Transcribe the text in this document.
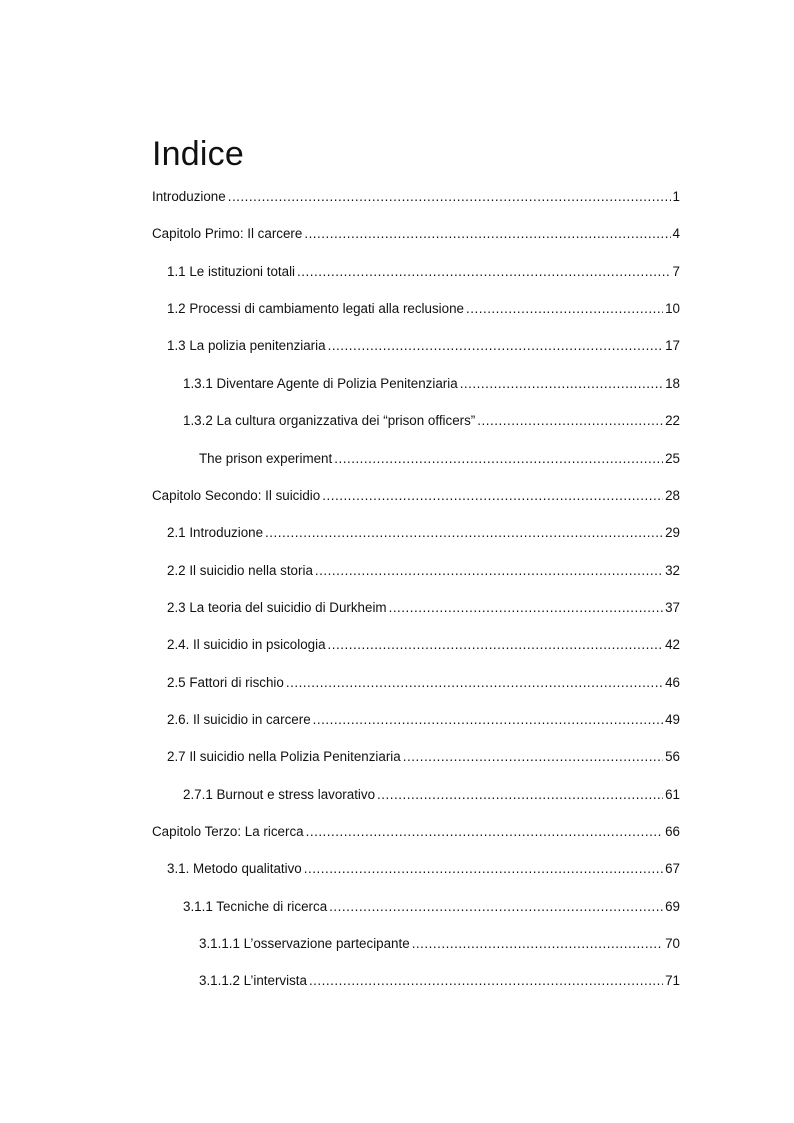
Indice
Introduzione . . .	1
Capitolo Primo: Il carcere . . .	4
1.1 Le istituzioni totali . . .	7
1.2 Processi di cambiamento legati alla reclusione . . .	10
1.3 La polizia penitenziaria . . .	17
1.3.1 Diventare Agente di Polizia Penitenziaria . . .	18
1.3.2 La cultura organizzativa dei “prison officers” . . .	22
The prison experiment . . .	25
Capitolo Secondo: Il suicidio . . .	28
2.1 Introduzione . . .	29
2.2 Il suicidio nella storia . . .	32
2.3 La teoria del suicidio di Durkheim . . .	37
2.4. Il suicidio in psicologia . . .	42
2.5 Fattori di rischio . . .	46
2.6. Il suicidio in carcere . . .	49
2.7 Il suicidio nella Polizia Penitenziaria . . .	56
2.7.1 Burnout e stress lavorativo . . .	61
Capitolo Terzo: La ricerca . . .	66
3.1. Metodo qualitativo . . .	67
3.1.1 Tecniche di ricerca . . .	69
3.1.1.1 L’osservazione partecipante . . .	70
3.1.1.2 L’intervista . . .	71
